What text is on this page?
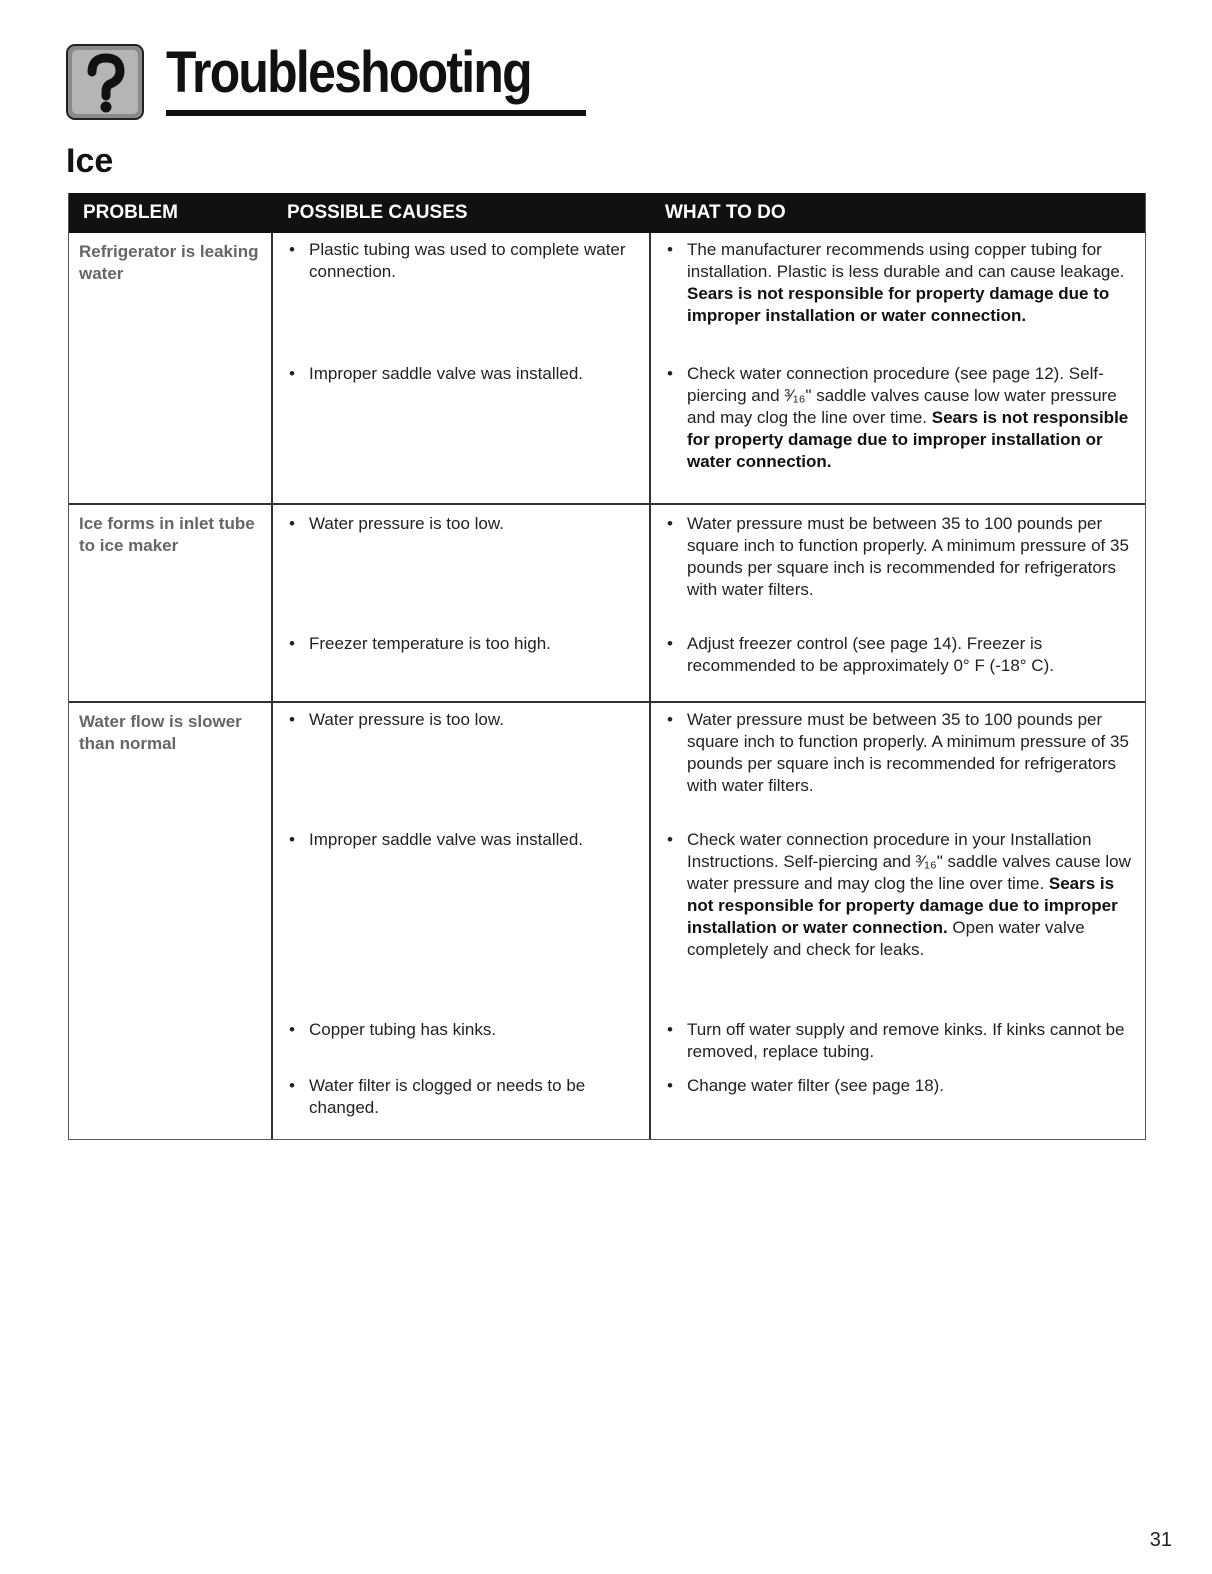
Troubleshooting
Ice
PROBLEM	POSSIBLE CAUSES	WHAT TO DO
Refrigerator is leaking water
• Plastic tubing was used to complete water connection.
• Improper saddle valve was installed.
• The manufacturer recommends using copper tubing for installation. Plastic is less durable and can cause leakage. Sears is not responsible for property damage due to improper installation or water connection.
• Check water connection procedure (see page 12). Self-piercing and ³⁄₁₆" saddle valves cause low water pressure and may clog the line over time. Sears is not responsible for property damage due to improper installation or water connection.
Ice forms in inlet tube to ice maker
• Water pressure is too low.
• Freezer temperature is too high.
• Water pressure must be between 35 to 100 pounds per square inch to function properly. A minimum pressure of 35 pounds per square inch is recommended for refrigerators with water filters.
• Adjust freezer control (see page 14). Freezer is recommended to be approximately 0° F (-18° C).
Water flow is slower than normal
• Water pressure is too low.
• Improper saddle valve was installed.
• Copper tubing has kinks.
• Water filter is clogged or needs to be changed.
• Water pressure must be between 35 to 100 pounds per square inch to function properly. A minimum pressure of 35 pounds per square inch is recommended for refrigerators with water filters.
• Check water connection procedure in your Installation Instructions. Self-piercing and ³⁄₁₆" saddle valves cause low water pressure and may clog the line over time. Sears is not responsible for property damage due to improper installation or water connection. Open water valve completely and check for leaks.
• Turn off water supply and remove kinks. If kinks cannot be removed, replace tubing.
• Change water filter (see page 18).
31
